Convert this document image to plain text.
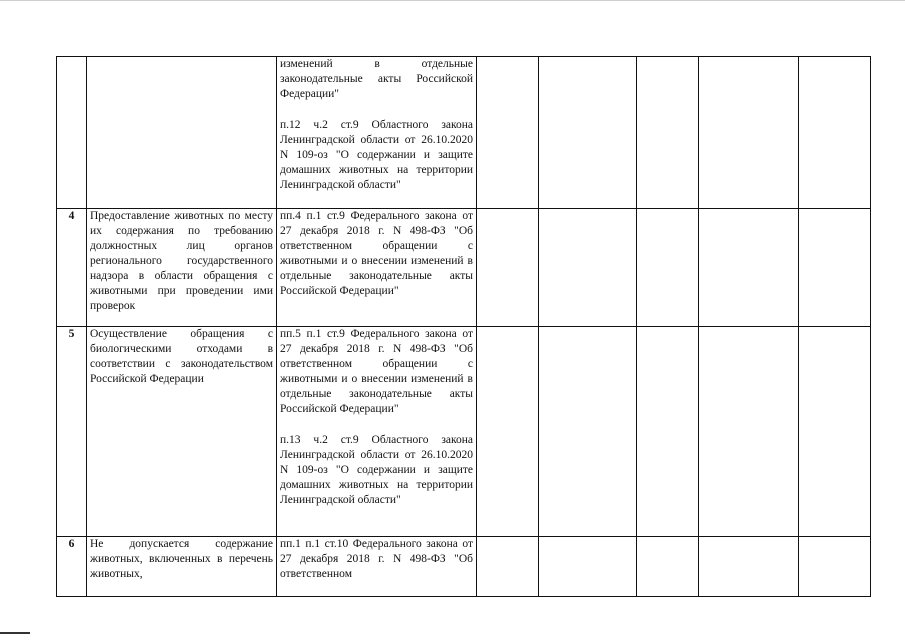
		изменений в отдельные законодательные акты Российской Федерации"
п.12 ч.2 ст.9 Областного закона Ленинградской области от 26.10.2020 N 109-оз "О содержании и защите домашних животных на территории Ленинградской области"					

4	Предоставление животных по месту их содержания по требованию должностных лиц органов регионального государственного надзора в области обращения с животными при проведении ими проверок	пп.4 п.1 ст.9 Федерального закона от 27 декабря 2018 г. N 498-ФЗ "Об ответственном обращении с животными и о внесении изменений в отдельные законодательные акты Российской Федерации"					

5	Осуществление обращения с биологическими отходами в соответствии с законодательством Российской Федерации	пп.5 п.1 ст.9 Федерального закона от 27 декабря 2018 г. N 498-ФЗ "Об ответственном обращении с животными и о внесении изменений в отдельные законодательные акты Российской Федерации"
п.13 ч.2 ст.9 Областного закона Ленинградской области от 26.10.2020 N 109-оз "О содержании и защите домашних животных на территории Ленинградской области"					

6	Не допускается содержание животных, включенных в перечень животных,	пп.1 п.1 ст.10 Федерального закона от 27 декабря 2018 г. N 498-ФЗ "Об ответственном					
